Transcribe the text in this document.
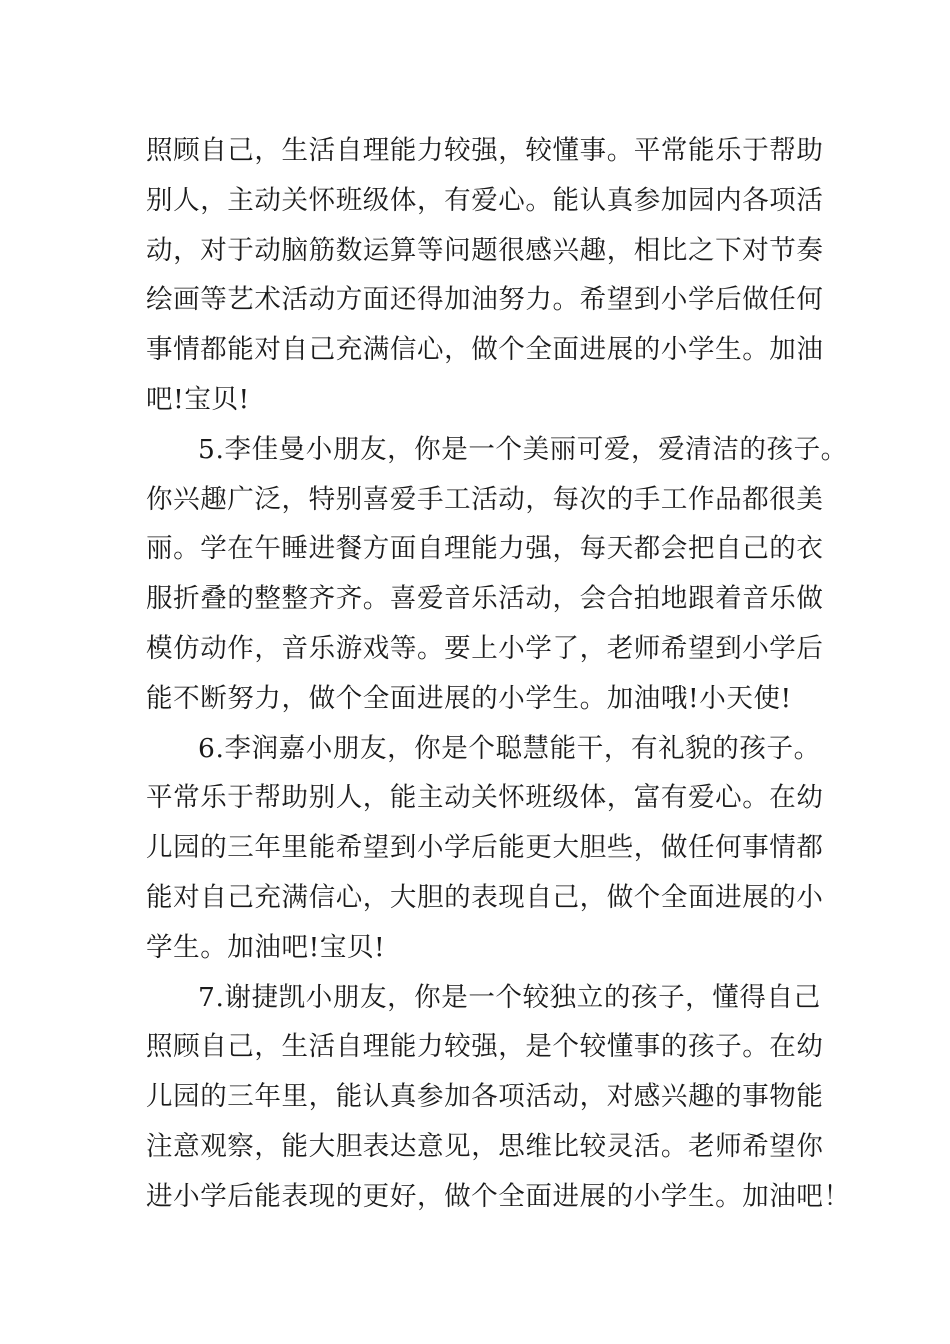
照顾自己，生活自理能力较强，较懂事。平常能乐于帮助
别人，主动关怀班级体，有爱心。能认真参加园内各项活
动，对于动脑筋数运算等问题很感兴趣，相比之下对节奏
绘画等艺术活动方面还得加油努力。希望到小学后做任何
事情都能对自己充满信心，做个全面进展的小学生。加油
吧!宝贝!
5.李佳曼小朋友，你是一个美丽可爱，爱清洁的孩子。
你兴趣广泛，特别喜爱手工活动，每次的手工作品都很美
丽。学在午睡进餐方面自理能力强，每天都会把自己的衣
服折叠的整整齐齐。喜爱音乐活动，会合拍地跟着音乐做
模仿动作，音乐游戏等。要上小学了，老师希望到小学后
能不断努力，做个全面进展的小学生。加油哦!小天使!
6.李润嘉小朋友，你是个聪慧能干，有礼貌的孩子。
平常乐于帮助别人，能主动关怀班级体，富有爱心。在幼
儿园的三年里能希望到小学后能更大胆些，做任何事情都
能对自己充满信心，大胆的表现自己，做个全面进展的小
学生。加油吧!宝贝!
7.谢捷凯小朋友，你是一个较独立的孩子，懂得自己
照顾自己，生活自理能力较强，是个较懂事的孩子。在幼
儿园的三年里，能认真参加各项活动，对感兴趣的事物能
注意观察，能大胆表达意见，思维比较灵活。老师希望你
进小学后能表现的更好，做个全面进展的小学生。加油吧！
